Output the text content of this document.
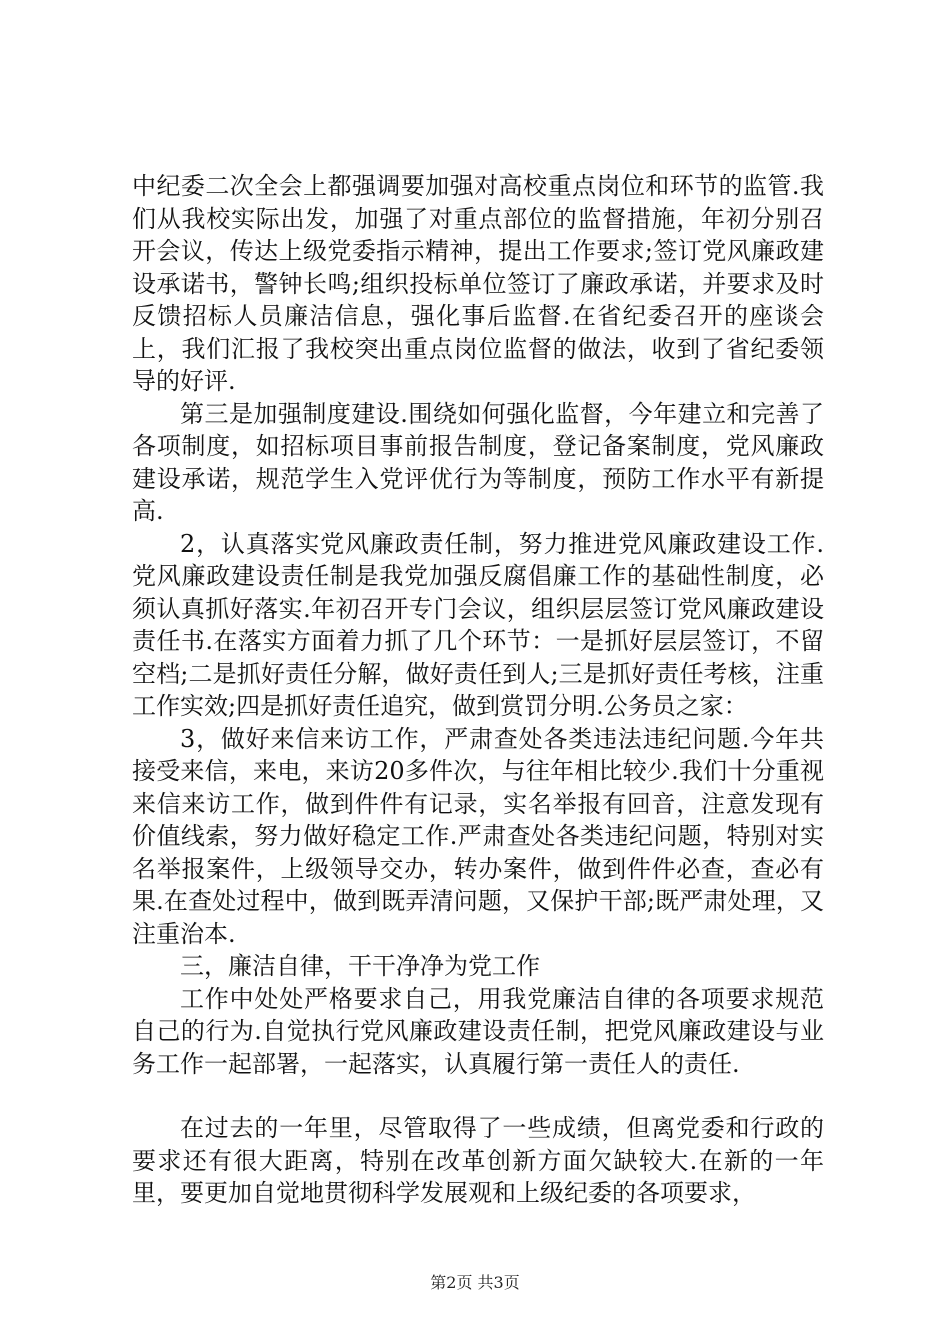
中纪委二次全会上都强调要加强对高校重点岗位和环节的监管.我们从我校实际出发，加强了对重点部位的监督措施，年初分别召开会议，传达上级党委指示精神，提出工作要求;签订党风廉政建设承诺书，警钟长鸣;组织投标单位签订了廉政承诺，并要求及时反馈招标人员廉洁信息，强化事后监督.在省纪委召开的座谈会上，我们汇报了我校突出重点岗位监督的做法，收到了省纪委领导的好评.

第三是加强制度建设.围绕如何强化监督，今年建立和完善了各项制度，如招标项目事前报告制度，登记备案制度，党风廉政建设承诺，规范学生入党评优行为等制度，预防工作水平有新提高.

2，认真落实党风廉政责任制，努力推进党风廉政建设工作.党风廉政建设责任制是我党加强反腐倡廉工作的基础性制度，必须认真抓好落实.年初召开专门会议，组织层层签订党风廉政建设责任书.在落实方面着力抓了几个环节：一是抓好层层签订，不留空档;二是抓好责任分解，做好责任到人;三是抓好责任考核，注重工作实效;四是抓好责任追究，做到赏罚分明.公务员之家：

3，做好来信来访工作，严肃查处各类违法违纪问题.今年共接受来信，来电，来访20多件次，与往年相比较少.我们十分重视来信来访工作，做到件件有记录，实名举报有回音，注意发现有价值线索，努力做好稳定工作.严肃查处各类违纪问题，特别对实名举报案件，上级领导交办，转办案件，做到件件必查，查必有果.在查处过程中，做到既弄清问题，又保护干部;既严肃处理，又注重治本.

三，廉洁自律，干干净净为党工作

工作中处处严格要求自己，用我党廉洁自律的各项要求规范自己的行为.自觉执行党风廉政建设责任制，把党风廉政建设与业务工作一起部署，一起落实，认真履行第一责任人的责任.

在过去的一年里，尽管取得了一些成绩，但离党委和行政的要求还有很大距离，特别在改革创新方面欠缺较大.在新的一年里，要更加自觉地贯彻科学发展观和上级纪委的各项要求，

第2页 共3页
